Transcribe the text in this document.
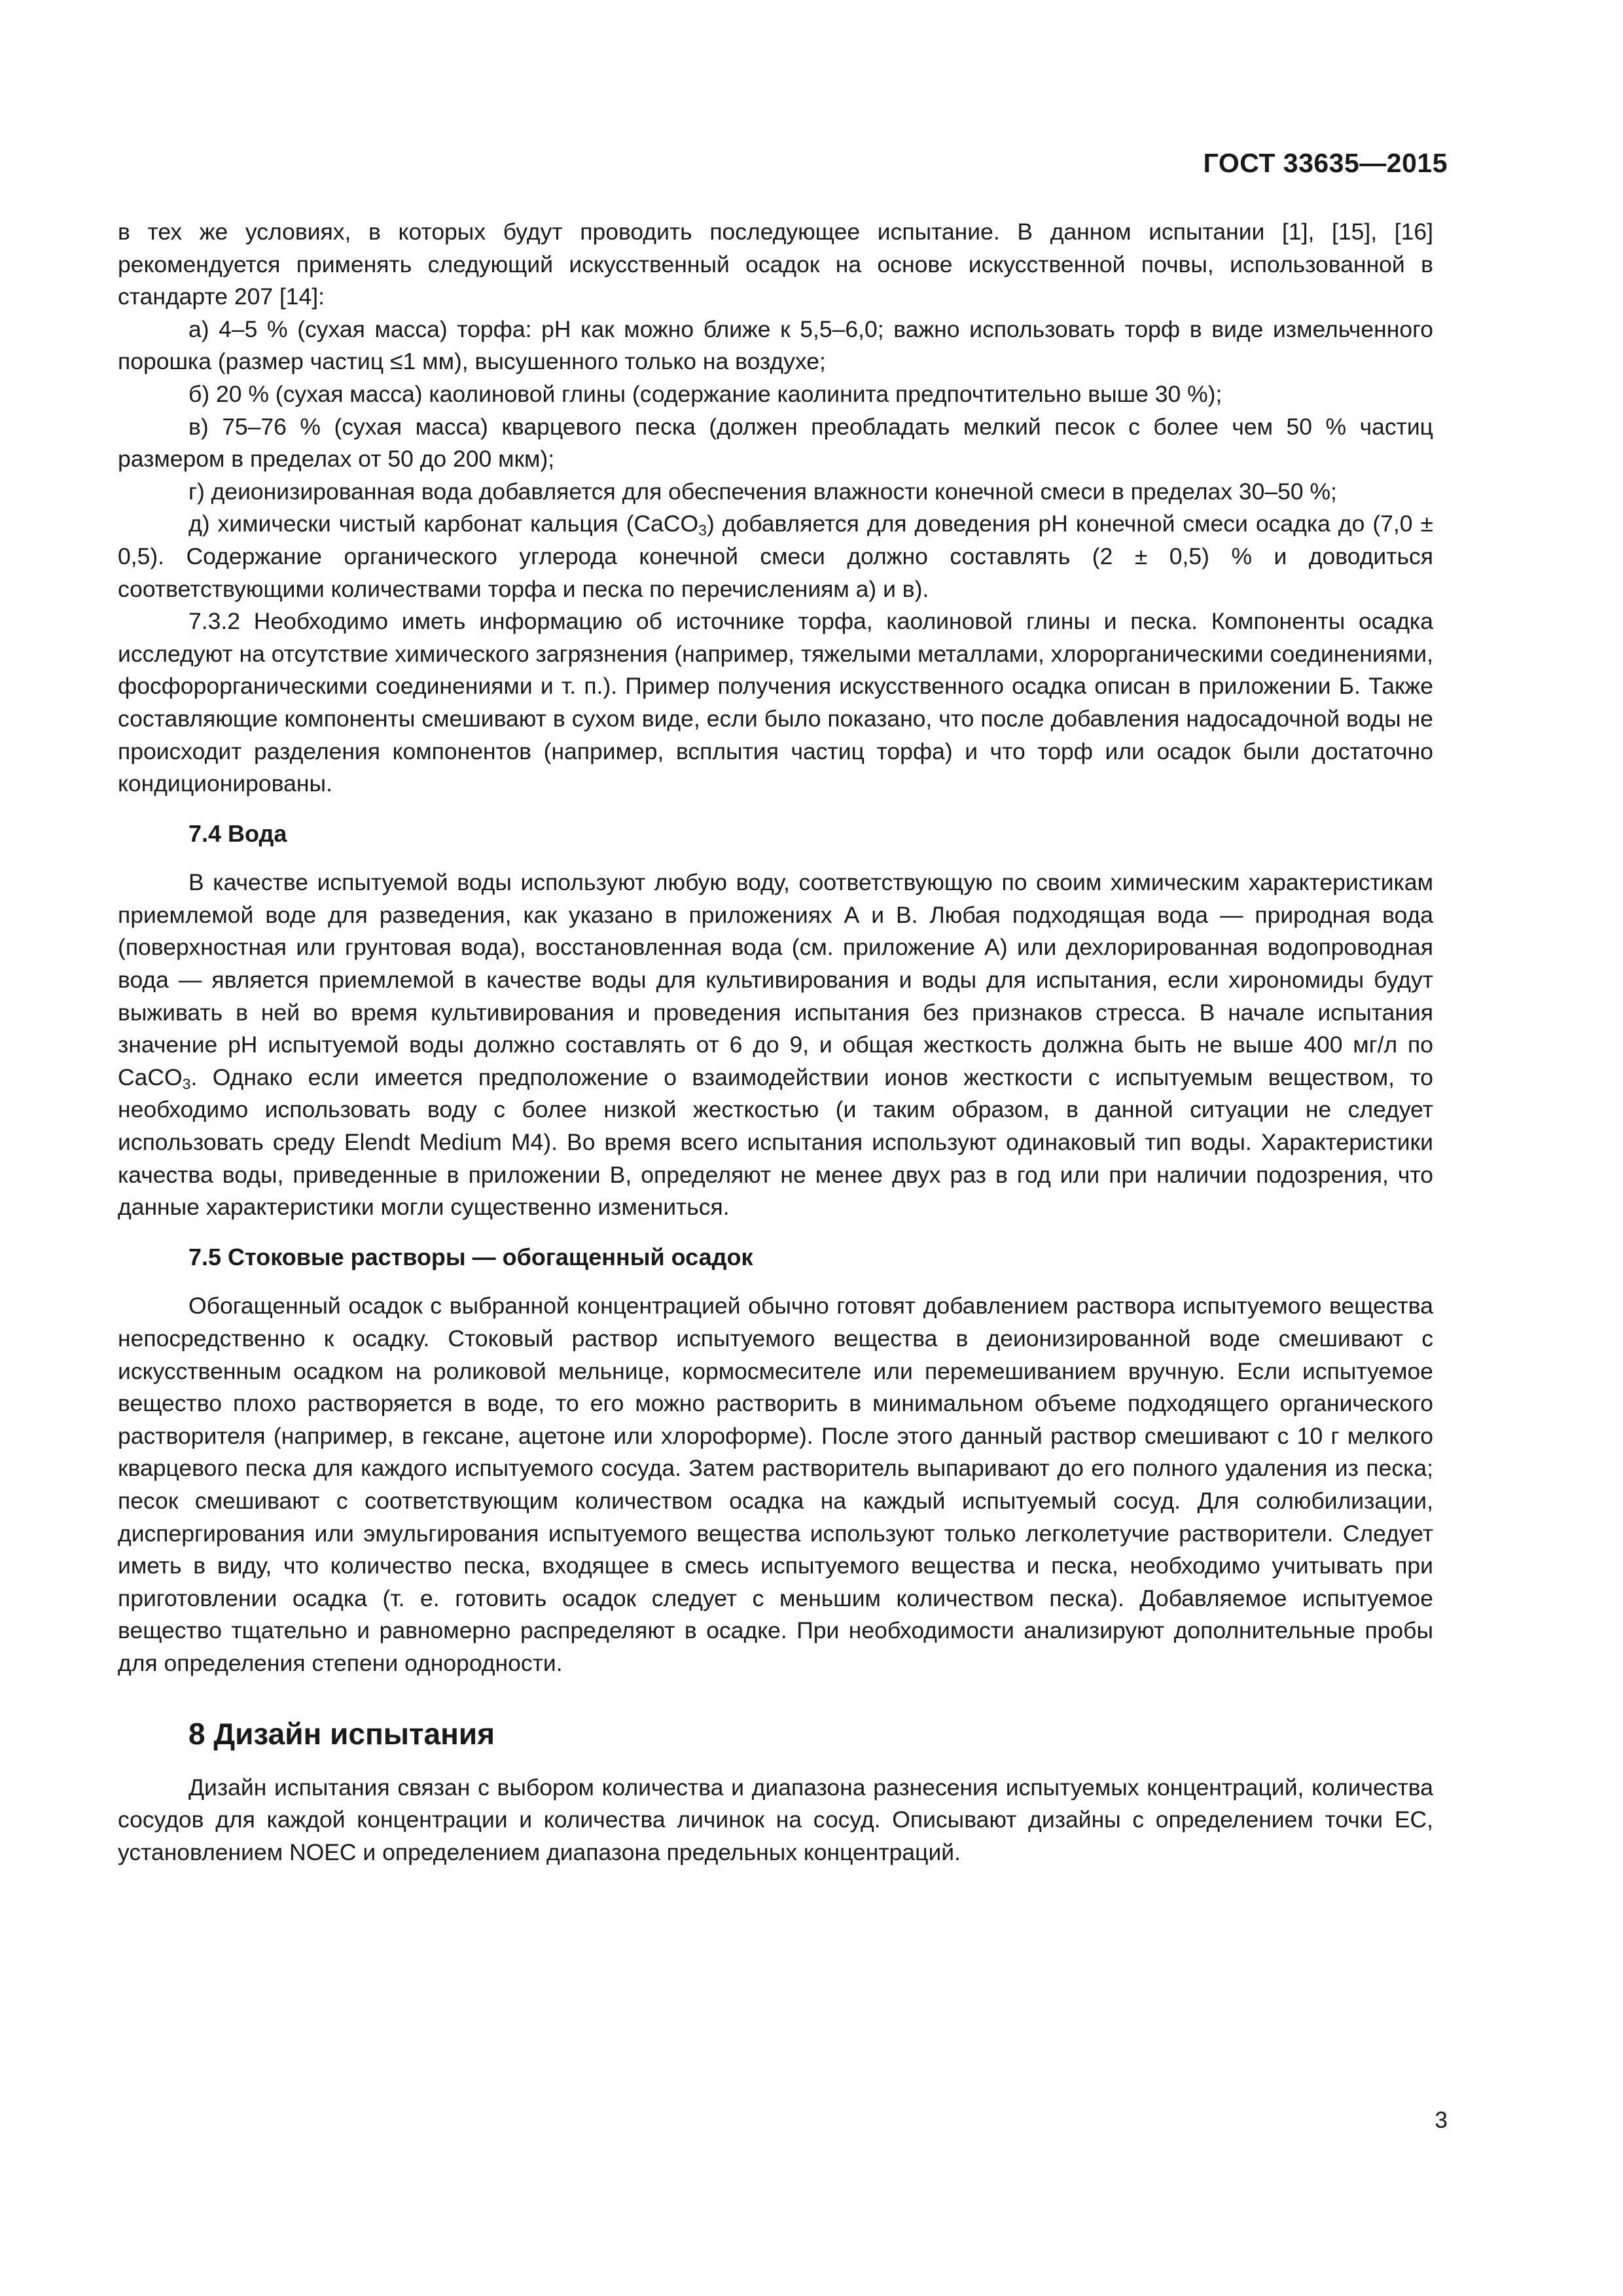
ГОСТ 33635—2015

в тех же условиях, в которых будут проводить последующее испытание. В данном испытании [1], [15], [16] рекомендуется применять следующий искусственный осадок на основе искусственной почвы, использованной в стандарте 207 [14]:

а) 4–5 % (сухая масса) торфа: pH как можно ближе к 5,5–6,0; важно использовать торф в виде измельченного порошка (размер частиц ≤1 мм), высушенного только на воздухе;

б) 20 % (сухая масса) каолиновой глины (содержание каолинита предпочтительно выше 30 %);

в) 75–76 % (сухая масса) кварцевого песка (должен преобладать мелкий песок с более чем 50 % частиц размером в пределах от 50 до 200 мкм);

г) деионизированная вода добавляется для обеспечения влажности конечной смеси в пределах 30–50 %;

д) химически чистый карбонат кальция (CaCO$_3$) добавляется для доведения pH конечной смеси осадка до (7,0 ± 0,5). Содержание органического углерода конечной смеси должно составлять (2 ± 0,5) % и доводиться соответствующими количествами торфа и песка по перечислениям а) и в).

7.3.2 Необходимо иметь информацию об источнике торфа, каолиновой глины и песка. Компоненты осадка исследуют на отсутствие химического загрязнения (например, тяжелыми металлами, хлорорганическими соединениями, фосфорорганическими соединениями и т. п.). Пример получения искусственного осадка описан в приложении Б. Также составляющие компоненты смешивают в сухом виде, если было показано, что после добавления надосадочной воды не происходит разделения компонентов (например, всплытия частиц торфа) и что торф или осадок были достаточно кондиционированы.

7.4 Вода

В качестве испытуемой воды используют любую воду, соответствующую по своим химическим характеристикам приемлемой воде для разведения, как указано в приложениях А и В. Любая подходящая вода — природная вода (поверхностная или грунтовая вода), восстановленная вода (см. приложение А) или дехлорированная водопроводная вода — является приемлемой в качестве воды для культивирования и воды для испытания, если хирономиды будут выживать в ней во время культивирования и проведения испытания без признаков стресса. В начале испытания значение pH испытуемой воды должно составлять от 6 до 9, и общая жесткость должна быть не выше 400 мг/л по CaCO$_3$. Однако если имеется предположение о взаимодействии ионов жесткости с испытуемым веществом, то необходимо использовать воду с более низкой жесткостью (и таким образом, в данной ситуации не следует использовать среду Elendt Medium M4). Во время всего испытания используют одинаковый тип воды. Характеристики качества воды, приведенные в приложении В, определяют не менее двух раз в год или при наличии подозрения, что данные характеристики могли существенно измениться.

7.5 Стоковые растворы — обогащенный осадок

Обогащенный осадок с выбранной концентрацией обычно готовят добавлением раствора испытуемого вещества непосредственно к осадку. Стоковый раствор испытуемого вещества в деионизированной воде смешивают с искусственным осадком на роликовой мельнице, кормосмесителе или перемешиванием вручную. Если испытуемое вещество плохо растворяется в воде, то его можно растворить в минимальном объеме подходящего органического растворителя (например, в гексане, ацетоне или хлороформе). После этого данный раствор смешивают с 10 г мелкого кварцевого песка для каждого испытуемого сосуда. Затем растворитель выпаривают до его полного удаления из песка; песок смешивают с соответствующим количеством осадка на каждый испытуемый сосуд. Для солюбилизации, диспергирования или эмульгирования испытуемого вещества используют только легколетучие растворители. Следует иметь в виду, что количество песка, входящее в смесь испытуемого вещества и песка, необходимо учитывать при приготовлении осадка (т. е. готовить осадок следует с меньшим количеством песка). Добавляемое испытуемое вещество тщательно и равномерно распределяют в осадке. При необходимости анализируют дополнительные пробы для определения степени однородности.

8 Дизайн испытания

Дизайн испытания связан с выбором количества и диапазона разнесения испытуемых концентраций, количества сосудов для каждой концентрации и количества личинок на сосуд. Описывают дизайны с определением точки ЕС, установлением NOEC и определением диапазона предельных концентраций.

3
